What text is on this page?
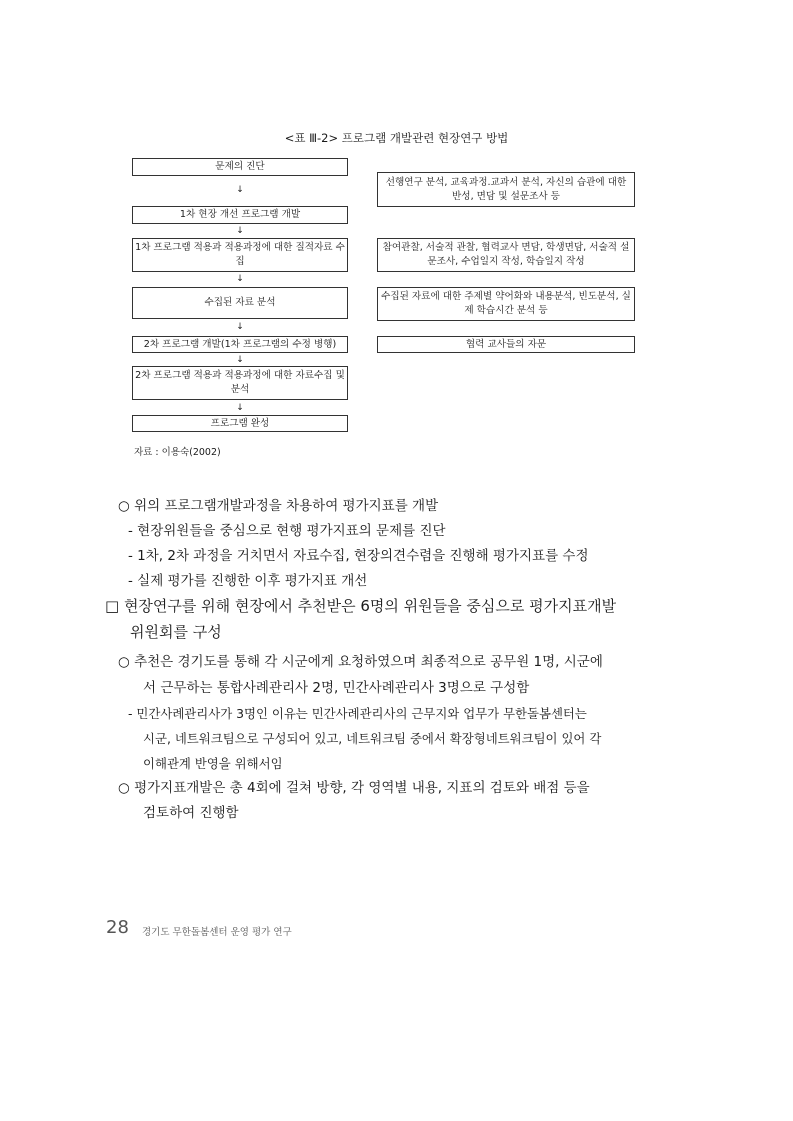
<표 Ⅲ-2> 프로그램 개발관련 현장연구 방법
문제의 진단
↓
1차 현장 개선 프로그램 개발
↓
1차 프로그램 적용과 적용과정에 대한 질적자료 수집
↓
수집된 자료 분석
↓
2차 프로그램 개발(1차 프로그램의 수정 병행)
↓
2차 프로그램 적용과 적용과정에 대한 자료수집 및 분석
↓
프로그램 완성
선행연구 분석, 교육과정.교과서 분석, 자신의 습관에 대한 반성, 면담 및 설문조사 등
참여관찰, 서술적 관찰, 협력교사 면담, 학생면담, 서술적 설문조사, 수업일지 작성, 학습일지 작성
수집된 자료에 대한 주제별 약어화와 내용분석, 빈도분석, 실제 학습시간 분석 등
협력 교사들의 자문
자료 : 이용숙(2002)
○ 위의 프로그램개발과정을 차용하여 평가지표를 개발
- 현장위원들을 중심으로 현행 평가지표의 문제를 진단
- 1차, 2차 과정을 거치면서 자료수집, 현장의견수렴을 진행해 평가지표를 수정
- 실제 평가를 진행한 이후 평가지표 개선
□ 현장연구를 위해 현장에서 추천받은 6명의 위원들을 중심으로 평가지표개발
위원회를 구성
○ 추천은 경기도를 통해 각 시군에게 요청하였으며 최종적으로 공무원 1명, 시군에
서 근무하는 통합사례관리사 2명, 민간사례관리사 3명으로 구성함
- 민간사례관리사가 3명인 이유는 민간사례관리사의 근무지와 업무가 무한돌봄센터는
시군, 네트워크팀으로 구성되어 있고, 네트워크팀 중에서 확장형네트워크팀이 있어 각
이해관계 반영을 위해서임
○ 평가지표개발은 총 4회에 걸쳐 방향, 각 영역별 내용, 지표의 검토와 배점 등을
검토하여 진행함
28 경기도 무한돌봄센터 운영 평가 연구
